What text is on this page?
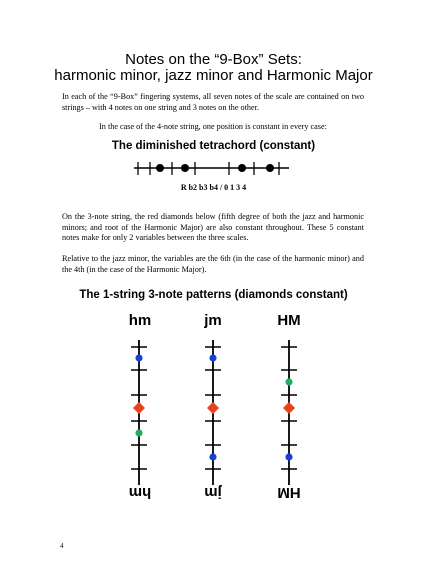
Notes on the “9-Box” Sets:
harmonic minor, jazz minor and Harmonic Major

In each of the “9-Box” fingering systems, all seven notes of the scale are contained on two strings – with 4 notes on one string and 3 notes on the other.

In the case of the 4-note string, one position is constant in every case:

The diminished tetrachord (constant)
R b2 b3 b4 / 0 1 3 4

On the 3-note string, the red diamonds below (fifth degree of both the jazz and harmonic minors; and root of the Harmonic Major) are also constant throughout. These 5 constant notes make for only 2 variables between the three scales.

Relative to the jazz minor, the variables are the 6th (in the case of the harmonic minor) and the 4th (in the case of the Harmonic Major).

The 1-string 3-note patterns (diamonds constant)
hm	jm	HM
hm	jm	HM
4
